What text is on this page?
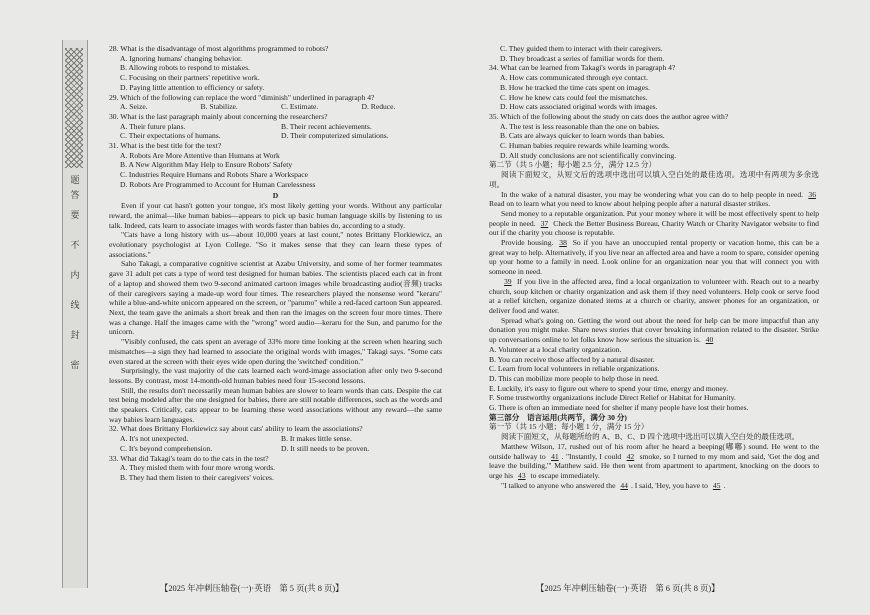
密
封
线
内
不
要
答
题
28. What is the disadvantage of most algorithms programmed to robots?
A. Ignoring humans' changing behavior.
B. Allowing robots to respond to mistakes.
C. Focusing on their partners' repetitive work.
D. Paying little attention to efficiency or safety.
29. Which of the following can replace the word "diminish" underlined in paragraph 4?
A. Seize.	B. Stabilize.	C. Estimate.	D. Reduce.
30. What is the last paragraph mainly about concerning the researchers?
A. Their future plans.	B. Their recent achievements.
C. Their expectations of humans.	D. Their computerized simulations.
31. What is the best title for the text?
A. Robots Are More Attentive than Humans at Work
B. A New Algorithm May Help to Ensure Robots' Safety
C. Industries Require Humans and Robots Share a Workspace
D. Robots Are Programmed to Account for Human Carelessness
D

Even if your cat hasn't gotten your tongue, it's most likely getting your words. Without any particular reward, the animal—like human babies—appears to pick up basic human language skills by listening to us talk. Indeed, cats learn to associate images with words faster than babies do, according to a study.

"Cats have a long history with us—about 10,000 years at last count," notes Brittany Florkiewicz, an evolutionary psychologist at Lyon College. "So it makes sense that they can learn these types of associations."

Saho Takagi, a comparative cognitive scientist at Azabu University, and some of her former teammates gave 31 adult pet cats a type of word test designed for human babies. The scientists placed each cat in front of a laptop and showed them two 9-second animated cartoon images while broadcasting audio(音频) tracks of their caregivers saying a made-up word four times. The researchers played the nonsense word "keraru" while a blue-and-white unicorn appeared on the screen, or "parumo" while a red-faced cartoon Sun appeared. Next, the team gave the animals a short break and then ran the images on the screen four more times. There was a change. Half the images came with the "wrong" word audio—keraru for the Sun, and parumo for the unicorn.

"Visibly confused, the cats spent an average of 33% more time looking at the screen when hearing such mismatches—a sign they had learned to associate the original words with images," Takagi says. "Some cats even stared at the screen with their eyes wide open during the 'switched' condition."

Surprisingly, the vast majority of the cats learned each word-image association after only two 9-second lessons. By contrast, most 14-month-old human babies need four 15-second lessons.

Still, the results don't necessarily mean human babies are slower to learn words than cats. Despite the cat test being modeled after the one designed for babies, there are still notable differences, such as the words and the speakers. Critically, cats appear to be learning these word associations without any reward—the same way babies learn languages.

32. What does Brittany Florkiewicz say about cats' ability to learn the associations?
A. It's not unexpected.	B. It makes little sense.
C. It's beyond comprehension.	D. It still needs to be proven.
33. What did Takagi's team do to the cats in the test?
A. They misled them with four more wrong words.
B. They had them listen to their caregivers' voices.
【2025 年冲刺压轴卷(一)·英语　第 5 页(共 8 页)】
C. They guided them to interact with their caregivers.
D. They broadcast a series of familiar words for them.
34. What can be learned from Takagi's words in paragraph 4?
A. How cats communicated through eye contact.
B. How he tracked the time cats spent on images.
C. How he knew cats could feel the mismatches.
D. How cats associated original words with images.
35. Which of the following about the study on cats does the author agree with?
A. The test is less reasonable than the one on babies.
B. Cats are always quicker to learn words than babies.
C. Human babies require rewards while learning words.
D. All study conclusions are not scientifically convincing.
第二节（共 5 小题；每小题 2.5 分，满分 12.5 分）

阅读下面短文，从短文后的选项中选出可以填入空白处的最佳选项。选项中有两项为多余选项。

In the wake of a natural disaster, you may be wondering what you can do to help people in need. 36 Read on to learn what you need to know about helping people after a natural disaster strikes.

Send money to a reputable organization. Put your money where it will be most effectively spent to help people in need. 37 Check the Better Business Bureau, Charity Watch or Charity Navigator website to find out if the charity you choose is reputable.

Provide housing. 38 So if you have an unoccupied rental property or vacation home, this can be a great way to help. Alternatively, if you live near an affected area and have a room to spare, consider opening up your home to a family in need. Look online for an organization near you that will connect you with someone in need.

39 If you live in the affected area, find a local organization to volunteer with. Reach out to a nearby church, soup kitchen or charity organization and ask them if they need volunteers. Help cook or serve food at a relief kitchen, organize donated items at a church or charity, answer phones for an organization, or deliver food and water.

Spread what's going on. Getting the word out about the need for help can be more impactful than any donation you might make. Share news stories that cover breaking information related to the disaster. Strike up conversations online to let folks know how serious the situation is. 40

A. Volunteer at a local charity organization.
B. You can receive those affected by a natural disaster.
C. Learn from local volunteers in reliable organizations.
D. This can mobilize more people to help those in need.
E. Luckily, it's easy to figure out where to spend your time, energy and money.
F. Some trustworthy organizations include Direct Relief or Habitat for Humanity.
G. There is often an immediate need for shelter if many people have lost their homes.
第三部分　语言运用(共两节，满分 30 分)
第一节（共 15 小题；每小题 1 分，满分 15 分）

阅读下面短文，从每题所给的 A、B、C、D 四个选项中选出可以填入空白处的最佳选项。

Matthew Wilson, 17, rushed out of his room after he heard a beeping(嘟嘟) sound. He went to the outside hallway to 41 . "Instantly, I could 42 smoke, so I turned to my mom and said, 'Get the dog and leave the building,'" Matthew said. He then went from apartment to apartment, knocking on the doors to urge his 43 to escape immediately.

"I talked to anyone who answered the 44 . I said, 'Hey, you have to 45 .

【2025 年冲刺压轴卷(一)·英语　第 6 页(共 8 页)】
